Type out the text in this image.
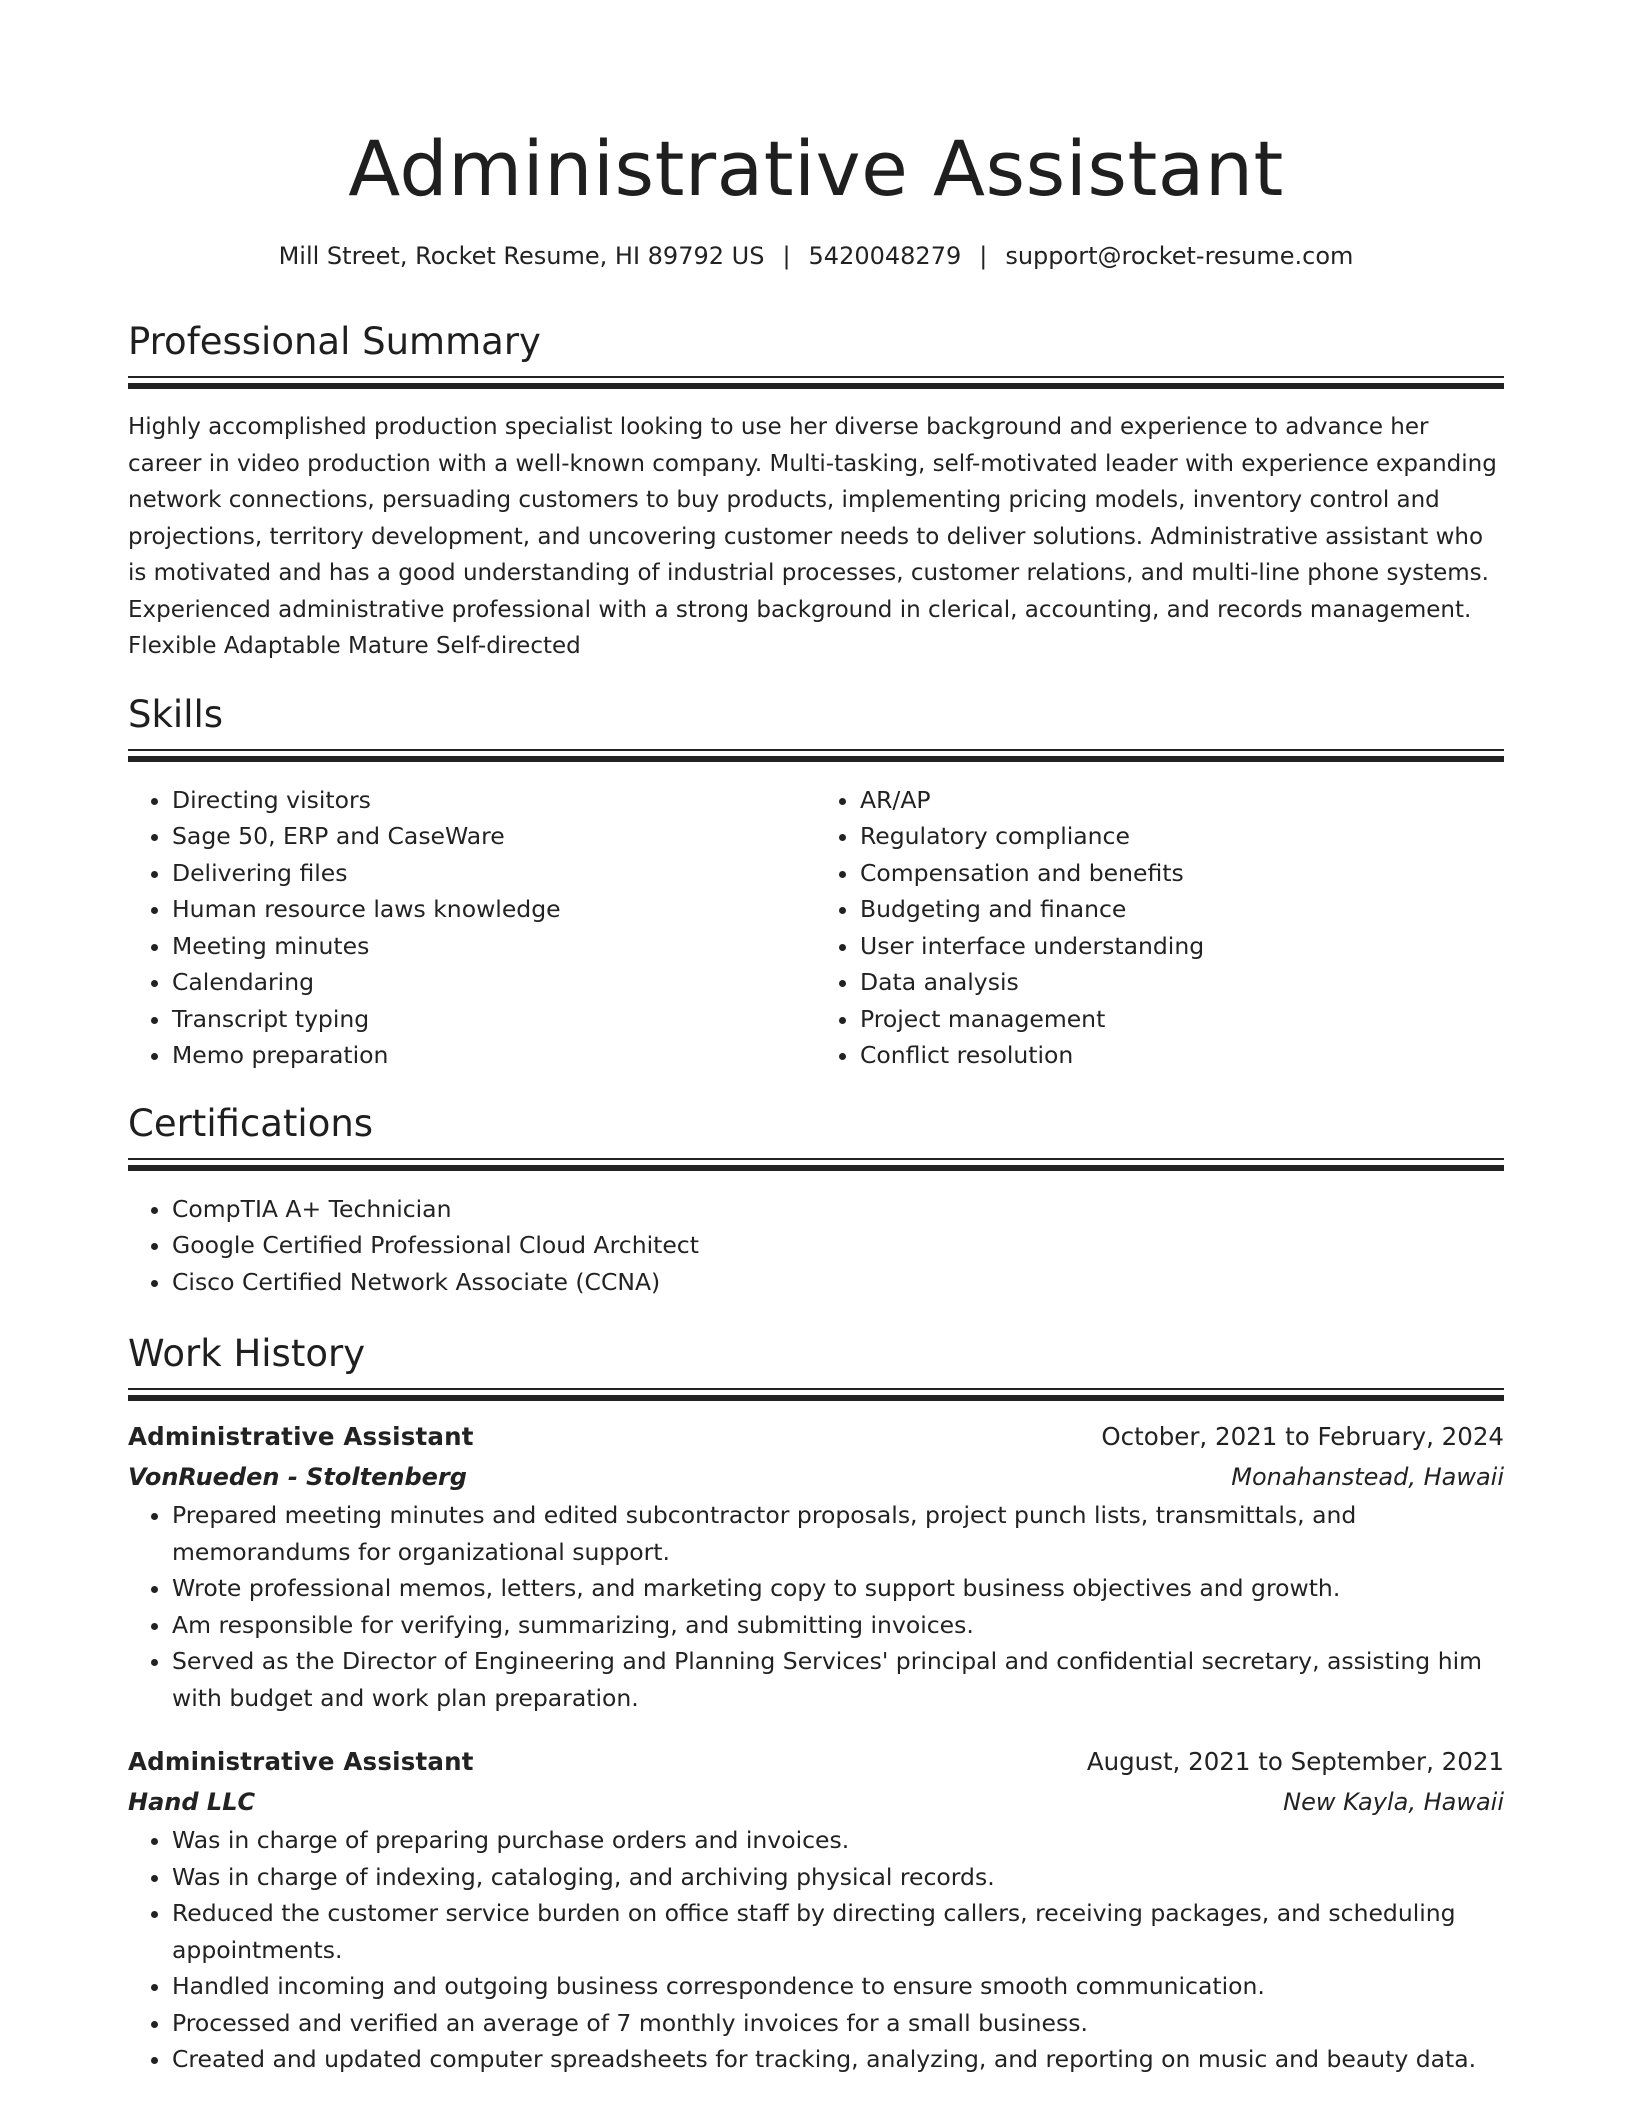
Administrative Assistant
Mill Street, Rocket Resume, HI 89792 US | 5420048279 | support@rocket-resume.com
Professional Summary
Highly accomplished production specialist looking to use her diverse background and experience to advance her career in video production with a well-known company. Multi-tasking, self-motivated leader with experience expanding network connections, persuading customers to buy products, implementing pricing models, inventory control and projections, territory development, and uncovering customer needs to deliver solutions. Administrative assistant who is motivated and has a good understanding of industrial processes, customer relations, and multi-line phone systems. Experienced administrative professional with a strong background in clerical, accounting, and records management. Flexible Adaptable Mature Self-directed
Skills
• Directing visitors
• Sage 50, ERP and CaseWare
• Delivering files
• Human resource laws knowledge
• Meeting minutes
• Calendaring
• Transcript typing
• Memo preparation
• AR/AP
• Regulatory compliance
• Compensation and benefits
• Budgeting and finance
• User interface understanding
• Data analysis
• Project management
• Conflict resolution
Certifications
• CompTIA A+ Technician
• Google Certified Professional Cloud Architect
• Cisco Certified Network Associate (CCNA)
Work History
Administrative Assistant	October, 2021 to February, 2024
VonRueden - Stoltenberg	Monahanstead, Hawaii
• Prepared meeting minutes and edited subcontractor proposals, project punch lists, transmittals, and memorandums for organizational support.
• Wrote professional memos, letters, and marketing copy to support business objectives and growth.
• Am responsible for verifying, summarizing, and submitting invoices.
• Served as the Director of Engineering and Planning Services' principal and confidential secretary, assisting him with budget and work plan preparation.
Administrative Assistant	August, 2021 to September, 2021
Hand LLC	New Kayla, Hawaii
• Was in charge of preparing purchase orders and invoices.
• Was in charge of indexing, cataloging, and archiving physical records.
• Reduced the customer service burden on office staff by directing callers, receiving packages, and scheduling appointments.
• Handled incoming and outgoing business correspondence to ensure smooth communication.
• Processed and verified an average of 7 monthly invoices for a small business.
• Created and updated computer spreadsheets for tracking, analyzing, and reporting on music and beauty data.
